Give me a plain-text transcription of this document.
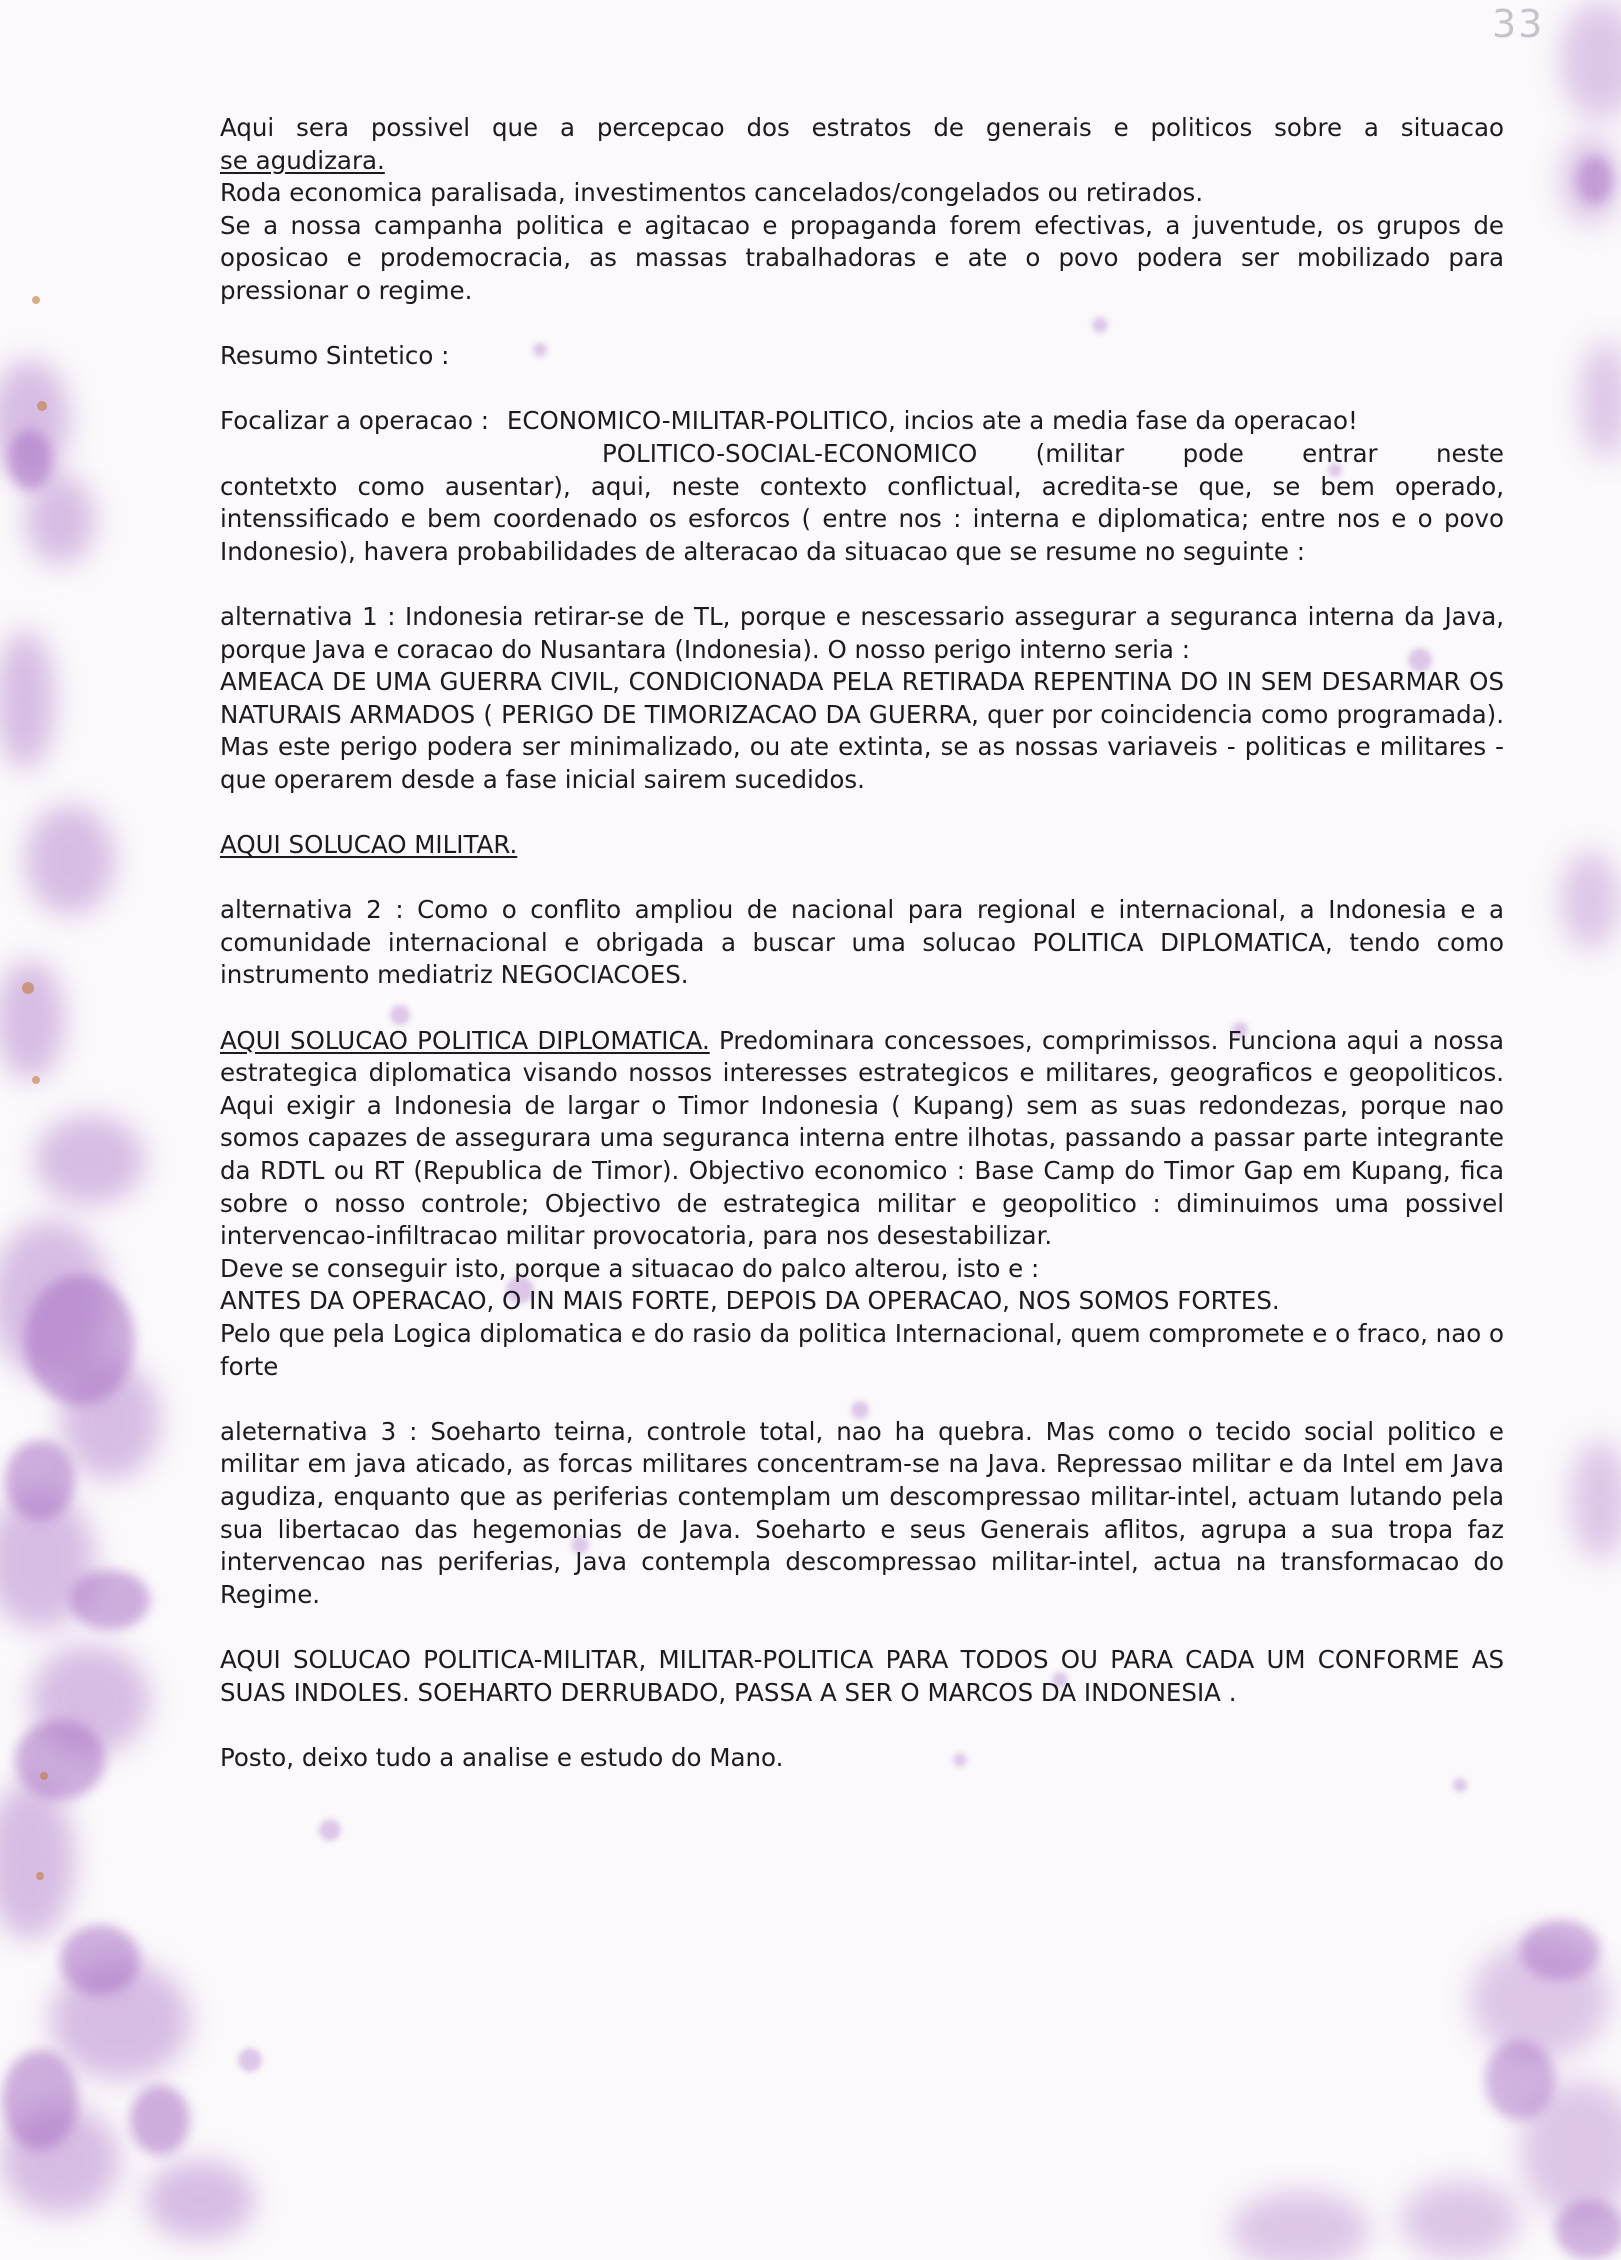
33
Aqui sera possivel que a percepcao dos estratos de generais e politicos sobre a situacao
se agudizara.
Roda economica paralisada, investimentos cancelados/congelados ou retirados.
Se a nossa campanha politica e agitacao e propaganda forem efectivas, a juventude, os grupos de oposicao e prodemocracia, as massas trabalhadoras e ate o povo podera ser mobilizado para pressionar o regime.
Resumo Sintetico :
Focalizar a operacao : ECONOMICO-MILITAR-POLITICO, incios ate a media fase da operacao!
POLITICO-SOCIAL-ECONOMICO (militar pode entrar neste
contetxto como ausentar), aqui, neste contexto conflictual, acredita-se que, se bem operado, intenssificado e bem coordenado os esforcos ( entre nos : interna e diplomatica; entre nos e o povo Indonesio), havera probabilidades de alteracao da situacao que se resume no seguinte :
alternativa 1 : Indonesia retirar-se de TL, porque e nescessario assegurar a seguranca interna da Java, porque Java e coracao do Nusantara (Indonesia). O nosso perigo interno seria :
AMEACA DE UMA GUERRA CIVIL, CONDICIONADA PELA RETIRADA REPENTINA DO IN SEM DESARMAR OS NATURAIS ARMADOS ( PERIGO DE TIMORIZACAO DA GUERRA, quer por coincidencia como programada). Mas este perigo podera ser minimalizado, ou ate extinta, se as nossas variaveis - politicas e militares - que operarem desde a fase inicial sairem sucedidos.
AQUI SOLUCAO MILITAR.
alternativa 2 : Como o conflito ampliou de nacional para regional e internacional, a Indonesia e a comunidade internacional e obrigada a buscar uma solucao POLITICA DIPLOMATICA, tendo como instrumento mediatriz NEGOCIACOES.
AQUI SOLUCAO POLITICA DIPLOMATICA. Predominara concessoes, comprimissos. Funciona aqui a nossa estrategica diplomatica visando nossos interesses estrategicos e militares, geograficos e geopoliticos. Aqui exigir a Indonesia de largar o Timor Indonesia ( Kupang) sem as suas redondezas, porque nao somos capazes de assegurara uma seguranca interna entre ilhotas, passando a passar parte integrante da RDTL ou RT (Republica de Timor). Objectivo economico : Base Camp do Timor Gap em Kupang, fica sobre o nosso controle; Objectivo de estrategica militar e geopolitico : diminuimos uma possivel intervencao-infiltracao militar provocatoria, para nos desestabilizar.
Deve se conseguir isto, porque a situacao do palco alterou, isto e :
ANTES DA OPERACAO, O IN MAIS FORTE, DEPOIS DA OPERACAO, NOS SOMOS FORTES.
Pelo que pela Logica diplomatica e do rasio da politica Internacional, quem compromete e o fraco, nao o forte
aleternativa 3 : Soeharto teirna, controle total, nao ha quebra. Mas como o tecido social politico e militar em java aticado, as forcas militares concentram-se na Java. Repressao militar e da Intel em Java agudiza, enquanto que as periferias contemplam um descompressao militar-intel, actuam lutando pela sua libertacao das hegemonias de Java. Soeharto e seus Generais aflitos, agrupa a sua tropa faz intervencao nas periferias, Java contempla descompressao militar-intel, actua na transformacao do Regime.
AQUI SOLUCAO POLITICA-MILITAR, MILITAR-POLITICA PARA TODOS OU PARA CADA UM CONFORME AS SUAS INDOLES. SOEHARTO DERRUBADO, PASSA A SER O MARCOS DA INDONESIA .
Posto, deixo tudo a analise e estudo do Mano.
